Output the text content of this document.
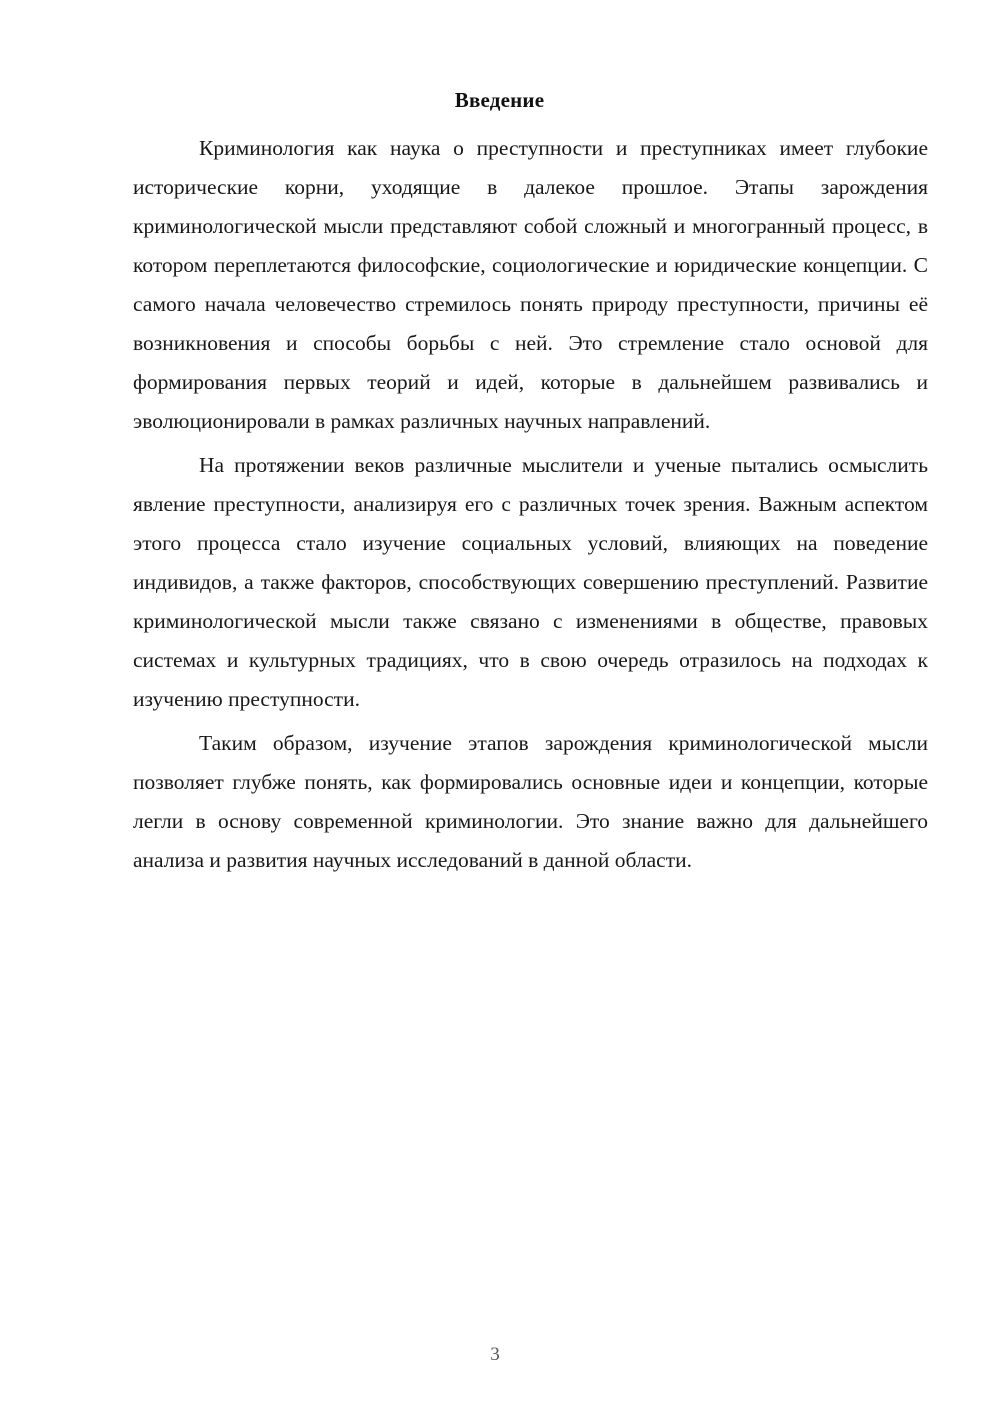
Введение

Криминология как наука о преступности и преступниках имеет глубокие исторические корни, уходящие в далекое прошлое. Этапы зарождения криминологической мысли представляют собой сложный и многогранный процесс, в котором переплетаются философские, социологические и юридические концепции. С самого начала человечество стремилось понять природу преступности, причины её возникновения и способы борьбы с ней. Это стремление стало основой для формирования первых теорий и идей, которые в дальнейшем развивались и эволюционировали в рамках различных научных направлений.

На протяжении веков различные мыслители и ученые пытались осмыслить явление преступности, анализируя его с различных точек зрения. Важным аспектом этого процесса стало изучение социальных условий, влияющих на поведение индивидов, а также факторов, способствующих совершению преступлений. Развитие криминологической мысли также связано с изменениями в обществе, правовых системах и культурных традициях, что в свою очередь отразилось на подходах к изучению преступности.

Таким образом, изучение этапов зарождения криминологической мысли позволяет глубже понять, как формировались основные идеи и концепции, которые легли в основу современной криминологии. Это знание важно для дальнейшего анализа и развития научных исследований в данной области.

3
